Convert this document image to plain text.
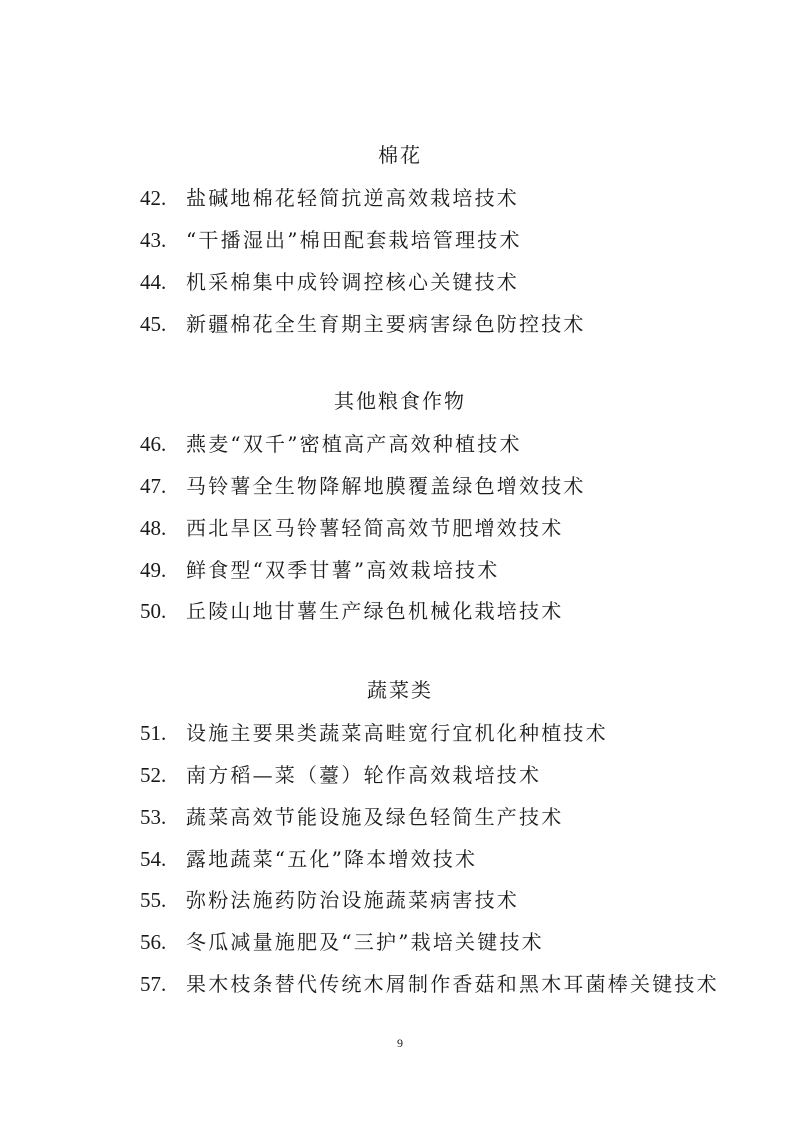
棉花
42. 盐碱地棉花轻简抗逆高效栽培技术
43. “干播湿出”棉田配套栽培管理技术
44. 机采棉集中成铃调控核心关键技术
45. 新疆棉花全生育期主要病害绿色防控技术
其他粮食作物
46. 燕麦“双千”密植高产高效种植技术
47. 马铃薯全生物降解地膜覆盖绿色增效技术
48. 西北旱区马铃薯轻简高效节肥增效技术
49. 鲜食型“双季甘薯”高效栽培技术
50. 丘陵山地甘薯生产绿色机械化栽培技术
蔬菜类
51. 设施主要果类蔬菜高畦宽行宜机化种植技术
52. 南方稻—菜（薹）轮作高效栽培技术
53. 蔬菜高效节能设施及绿色轻简生产技术
54. 露地蔬菜“五化”降本增效技术
55. 弥粉法施药防治设施蔬菜病害技术
56. 冬瓜减量施肥及“三护”栽培关键技术
57. 果木枝条替代传统木屑制作香菇和黑木耳菌棒关键技术
9
